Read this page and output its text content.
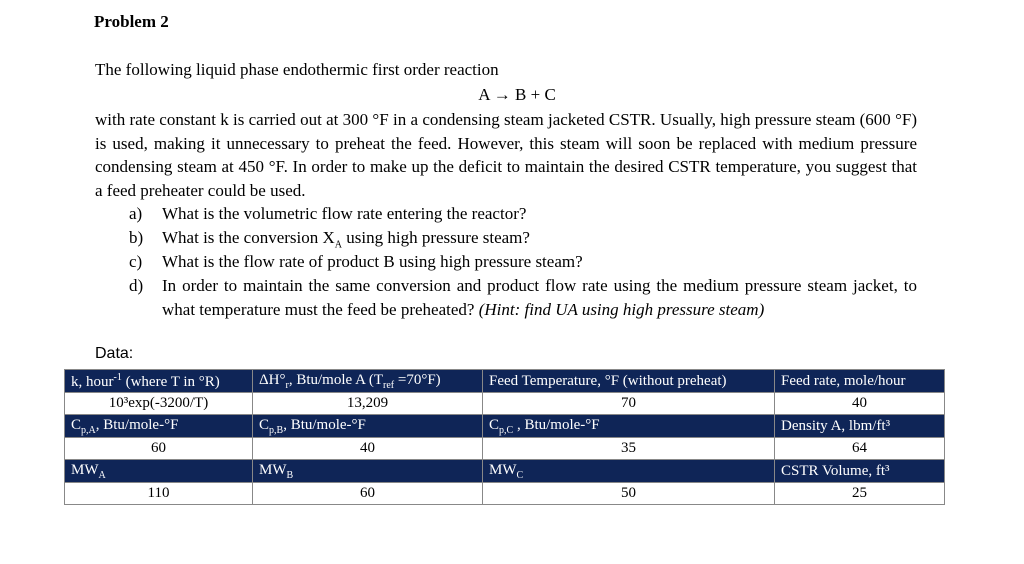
Problem 2
The following liquid phase endothermic first order reaction
A → B + C
with rate constant k is carried out at 300 °F in a condensing steam jacketed CSTR. Usually, high pressure steam (600 °F) is used, making it unnecessary to preheat the feed. However, this steam will soon be replaced with medium pressure condensing steam at 450 °F. In order to make up the deficit to maintain the desired CSTR temperature, you suggest that a feed preheater could be used.
a) What is the volumetric flow rate entering the reactor?
b) What is the conversion $X_A$ using high pressure steam?
c) What is the flow rate of product B using high pressure steam?
d) In order to maintain the same conversion and product flow rate using the medium pressure steam jacket, to what temperature must the feed be preheated? (Hint: find UA using high pressure steam)
Data:
k, hour$^{-1}$ (where T in °R)	$\Delta H^\circ_r$, Btu/mole A $(T_{ref} =70^\circ F)$	Feed Temperature, °F (without preheat)	Feed rate, mole/hour
10³exp(-3200/T)	13,209	70	40
$C_{p,A}$, Btu/mole-°F	$C_{p,B}$, Btu/mole-°F	$C_{p,C}$ , Btu/mole-°F	Density A, lbm/ft³
60	40	35	64
$MW_A$	$MW_B$	$MW_C$	CSTR Volume, ft³
110	60	50	25
